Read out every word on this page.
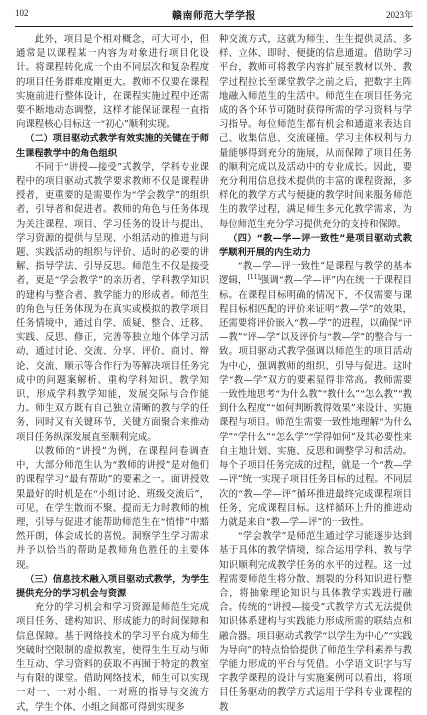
102	赣南师范大学学报	2023年

此外，项目是个相对概念，可大可小，但通常是以课程某一内容为对象进行项目化设计。将课程转化成一个由不同层次和复杂程度的项目任务群难度剛更大。教师不仅要在课程实施前进行整体设计，在课程实施过程中还需要不断地动态调整，这样才能保证课程一直指向课程核心目标这一“初心”顺利实现。

（二）项目驱动式教学有效实施的关键在于师生课程教学中的角色组织

不同于“讲授—接受”式教学，学科专业课程中的项目驱动式教学要求教师不仅是课程讲授者，更重要的是需要作为“学会教学”的组织者，引导者和促进者。教师的角色与任务体现为关注课程、项目、学习任务的设计与提出、学习资源的提供与呈现、小组活动的推进与问题、实践活动的组织与评价、适时的必要的讲解、指导学法、引导反思。师范生不仅是接受者，更是“学会教学”的亲历者、学科教学知识的建构与整合者、教学能力的形成者。师范生的角色与任务体现为在真实或模拟的教学项目任务情境中，通过自学、质疑、整合、迁移、实践、反思、修正，完善等独立地个体学习活动，通过讨论、交流、分享、评价、商讨、辩论、交流、顺示等合作行为等解决项目任务完成中的问题案解析、重构学科知识、教学知识，形成学科教学知能，发展交际与合作能力。师生双方既有自己独立清晰的教与学的任务，同时又有关键环节，关键方面聚合来推动项目任务纵深发展直至顺利完成。

以教师的“讲授”为例，在课程问卷调查中，大部分师范生认为“教师的讲授”是对他们的课程学习“最有帮助”的要素之一。面讲授效果最好的时机是在“小组讨论、班级交流后”，可见，在学生散而不聚、提而无力时教师的梳理，引导与促进才能帮助师范生在“悄悱”中豁然开朗，体会成长的喜悦。洞察学生学习需求并予以恰当的帮助是教师角色胜任的主要体现。

（三）信息技术融入项目驱动式教学，为学生提供充分的学习机会与资源

充分的学习机会和学习资源是师范生完成项目任务、建构知识、形成能力的时间保障和信息保障。基于网络技术的学习平台成为师生突破时空限制的虚拟教室，使得生生互动与师生互动、学习资料的获取不再囿于特定的教室与有限的课堂。借助网络技术，师生可以实现一对一、一对小组、一对班的指导与交流方式，学生个体、小组之间都可得到实现多

种交流方式，这就为师生、生生提供灵活、多样、立体、即时、便捷的信息通道。借助学习平台，教师可将教学内容扩展至教材以外、教学过程拉长至课堂教学之前之后，把数字主阵地融入师范生的生活中。师范生在项目任务完成的各个环节可随时获得所需的学习资料与学习指导。每位师范生都有机会和通道来表达自己、收集信息、交流碰撞。学习主体权利与力量能够得到充分的施展，从而保障了项目任务的顺利完成以及活动中的专业成长。因此，要充分利用信息技术提供的丰富的课程资源，多样化的教学方式与便捷的教学时间来服务师范生的教学过程，满足师生多元化教学需求，为每位师范生充分学习提供充分的支持和保障。

（四）“教—学—评一致性”是项目驱动式教学顺利开展的内生动力

“教—学—评一致性”是课程与教学的基本逻辑，[11]强调“教—学—评”内在统一于课程目标。在课程目标明确的情况下，不仅需要与课程目标相匹配的评价来证明“教—学”的效果，还需要将评价嵌入“教—学”的进程，以确保“评—教”“评—学”以及评价与“教—学”的整合与一致。项目驱动式教学强调以师范生的项目活动为中心，强调教师的组织、引导与促进。这时学“教—学”双方的要素显得非常高。教师需要一致性地思考“为什么教”“教什么”“怎么教”“教到什么程度”“如何判断教得效果”来设计、实施课程与项目。师范生需要一致性地理解“为什么学”“学什么”“怎么学”“学得如何”及其必要性来自主地计划、实施、反思和调整学习和活动。每个子项目任务完成的过程，就是一个“教—学—评”统一实现子项目任务目标的过程。不同层次的“教—学—评”循环推进最终完成课程项目任务，完成课程目标。这样循环上升的推进动力就是来自“教—学—评”的一致性。

“学会教学”是师范生通过学习能逐步达到基于具体的教学情境，综合运用学科、教与学知识顺利完成教学任务的水平的过程。这一过程需要师范生将分散、割裂的分科知识进行整合，将抽象理论知识与具体教学实践进行融合。传统的“讲授—接受”式教学方式无法提供知识体系建构与实践能力形成所需的联结点和融合器。项目驱动式教学“以学生为中心”“实践为导向”的特点恰恰提供了师范生学科素养与教学能力形成的平台与凭借。小学语文识字与写字教学课程的设计与实施案例可以看出，将项目任务驱动的教学方式运用于学科专业课程的教
